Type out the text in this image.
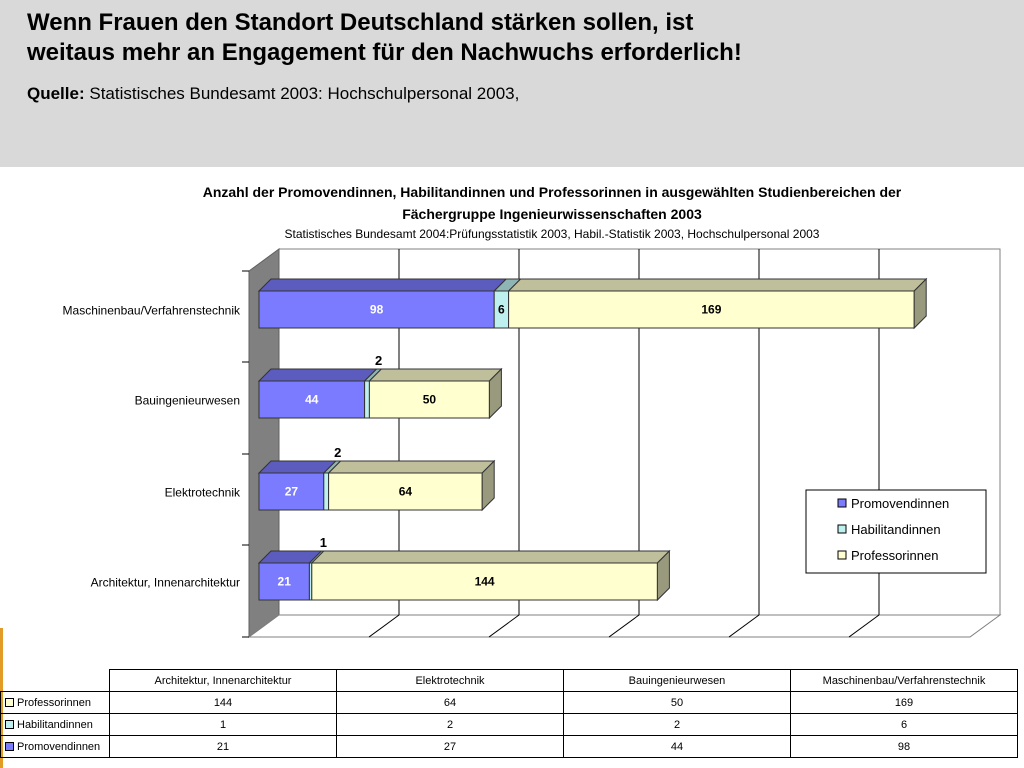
Wenn Frauen den Standort Deutschland stärken sollen, ist
weitaus mehr an Engagement für den Nachwuchs erforderlich!
Quelle: Statistisches Bundesamt 2003: Hochschulpersonal 2003,
Anzahl der Promovendinnen, Habilitandinnen und Professorinnen in ausgewählten Studienbereichen der
Fächergruppe Ingenieurwissenschaften 2003
Statistisches Bundesamt 2004:Prüfungsstatistik 2003, Habil.-Statistik 2003, Hochschulpersonal 2003
98	6	169
Maschinenbau/Verfahrenstechnik
44
2
50
Bauingenieurwesen
27
2
64
Elektrotechnik
21
1
144
Architektur, Innenarchitektur
Promovendinnen
Habilitandinnen
Professorinnen
	Architektur, Innenarchitektur	Elektrotechnik	Bauingenieurwesen	Maschinenbau/Verfahrenstechnik
Professorinnen	144	64	50	169
Habilitandinnen	1	2	2	6
Promovendinnen	21	27	44	98
